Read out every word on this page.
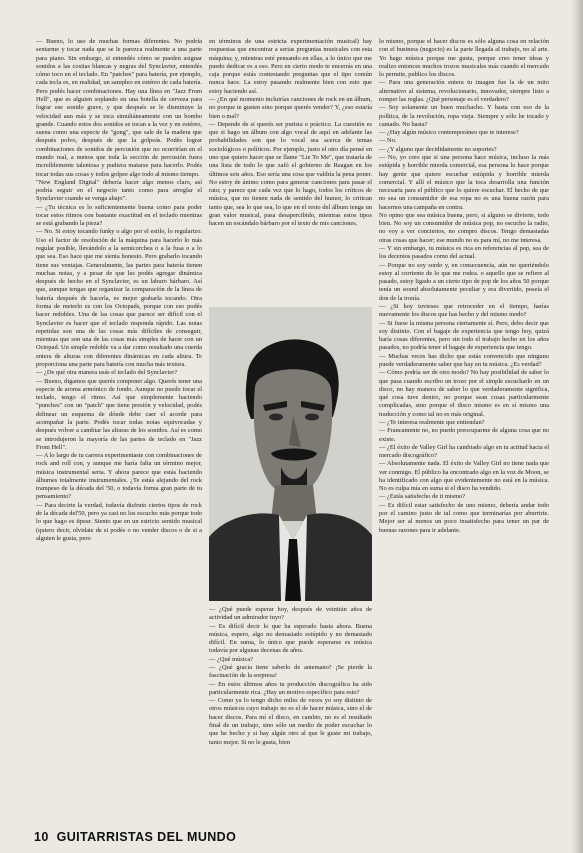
— Bueno, lo uso de muchas formas diferentes. No podría sentarme y tocar nada que se le parezca realmente a una parte para piano. Sin embargo, si entendés cómo se pueden asignar sonidos a las cositas blancas y negras del Synclavier, entendés cómo toco en el teclado. En "patches" para batería, por ejemplo, cada tecla es, en realidad, un sampleo en estéreo de cada batería. Pero podés hacer combinaciones. Hay una línea en "Jazz From Hell", que es alguien soplando en una botella de cerveza para lograr ese sonido grave, y que después se le disminuye la velocidad aun más y se toca simultáneamente con un bombo grande. Cuando estos dos sonidos se tocan a la vez y en estéreo, suena como una especie de "gong", que sale de la madera que después polvo, después de que la golpeás. Podés lograr combinaciones de sonidos de percusión que no ocurrirían en el mundo real, a menos que toda la sección de percusión fuera increíblemente talentosa y pudiera matarse para hacerlo. Podés tocar todas sus cosas y todos golpee algo todo al mismo tiempo.

"New England Digital" debería hacer algo menos claro, así podría seguir en el negocio tanto como para arreglar el Synclavier cuando se venga abajo".

— ¿Tu técnica es lo suficientemente buena como para poder tocar estos ritmos con bastante exactitud en el teclado mientras se está grabando la pieza?

— No. Si estoy tocando funky o algo por el estilo, lo regularizo. Uso el factor de resolución de la máquina para hacerlo lo más regular posible, llevándolo a la semicorchea o a la fusa o a lo que sea. Eso hace que me sienta honesto. Pero grabarlo tocando tiene sus ventajas. Generalmente, las partes para batería tienen muchas notas, y a pesar de que les podés agregar dinámica después de hecho en el Synclavier, es un laburo bárbaro. Así que, aunque tengas que organizar la comparación de la línea de batería después de hacerla, es mejor grabarla tocando. Otra forma de meterlo es con los Octopads, porque con eso podés hacer redobles. Una de las cosas que parece ser difícil con el Synclavier es hacer que el teclado responda rápido. Las notas repetidas son una de las cosas más difíciles de conseguir, mientras que son una de las cosas más simples de hacer con un Octopad. Un simple redoble va a dar como resultado una cuerda entera de alturas con diferentes dinámicas en cada altura. Te proporciona una parte para batería con mucha más textura.

— ¿De qué otra manera usás el teclado del Synclavier?

— Bueno, digamos que querés componer algo. Querés tener una especie de aroma armónico de fondo. Aunque no puedo tocar el teclado, tengo el ritmo. Así que simplemente haciendo "punches" con un "patch" que tiene presión y velocidad, podés delinear un esquema de dónde debe caer el acorde para acompañar la parte. Podés tocar todas notas equivocadas y después volver a cambiar las alturas de los sonidos. Así es como se introdujeron la mayoría de las partes de teclado en "Jazz From Hell".

— A lo largo de tu carrera experimentaste con combinaciones de rock and roll con, y aunque me haría falta un término mejor, música instrumental seria. Y ahora parece que estás haciendo álbumes totalmente instrumentales. ¿Te estás alejando del rock trampeso de la década del '50, o todavía forma gran parte de tu pensamiento?

— Para decirte la verdad, todavía disfruto ciertos tipos de rock de la década del'50, pero ya casi no los escucho más porque todo lo que hago es tipear. Siento que en un estricto sentido musical (quiero decir, olvidate de si podés o no vender discos o de si a alguien le gusta, pero

en términos de una estricta experimentación musical) hay respuestas que encontrar a serias preguntas musicales con esta máquina; y, mientras esté pensando en ellas, a lo único que me puedo dedicar es a eso. Pero en cierto modo te encerrás en una caja porque estás contestando preguntas que el tipo común nunca hace. La estoy pasando realmente bien con esto que estoy haciendo así.

— ¿En qué momento incluirías canciones de rock en un álbum, no porque te gusten sino porque querés vender? Y, ¿eso estaría bien o mal?

— Depende de si querés ser purista o práctico. La cuestión es que si hago un álbum con algo vocal de aquí en adelante las probabilidades son que lo vocal sea acerca de temas sociológicos o políticos. Por ejemplo, justo el otro día pensé en uno que quiero hacer que se llame "Lie To Me", que trataría de una lista de todo lo que zafó el gobierno de Reagan en los últimos seis años. Eso sería una cosa que valdría la pena poner. No estoy de ánimo como para generar canciones para pasar el rato; y parece que cada vez que lo hago, todos los críticos de música, que no tienen nada de sentido del humor, lo critican tanto que, sea lo que sea, lo que en el resto del álbum tenga un gran valor musical, pasa desapercibido, mientras estos tipos hacen un escándalo bárbaro por el texto de mis canciones.

— ¿Qué puede esperar hoy, después de veintiún años de actividad un admirador tuyo?

— Es difícil decir lo que ha esperado hasta ahora. Buena música, espero, algo no demasiado estúpido y no demasiado difícil. En suma, lo único que puede esperarse es música todavía por algunas decenas de años.

— ¿Qué música?

— ¿Qué gracia tiene saberlo de antemano? ¡Se pierde la fascinación de la sorpresa!

— En estos últimos años tu producción discográfica ha sido particularmente rica. ¿Hay un motivo específico para esto?

— Como ya lo tengo dicho miles de veces yo soy distinto de otros músicos cuyo trabajo no es el de hacer música, sino el de hacer discos. Para mí el disco, en cambio, no es el resultado final de un trabajo, sino sólo un medio de poder escuchar lo que he hecho y si hay algún otro al que le guste mi trabajo, tanto mejor. Si no le gusta, bien

lo mismo, porque el hacer discos es sólo alguna cosa en relación con el business (negocio) es la parte llegada al trabajo, no al arte. Yo hago música porque me gusta, porque creo tener ideas y realizo entonces muchos trozos musicales más cuando el mercado lo permite, publico los discos.

— Para una generación entera tu imagen fue la de un mito alternativo al sistema, revolucionario, innovador, siempre listo a romper las reglas. ¿Qué personaje es el verdadero?

— Soy solamente un buen muchacho. Y basta con eso de la política, de la revolución, ropa vieja. Siempre y sólo he tocado y cantado. No basta?

— ¿Hay algún músico contemporáneo que te interese?

— No.

— ¿Y alguno que decididamente no soportes?

— No, yo creo que si una persona hace música, incluso la más estúpida y horrible mierda comercial, esa persona lo hace porque hay gente que quiere escuchar estúpida y horrible mierda comercial. Y allí el músico que la toca desarrolla una función necesaria para el público que lo quiere escuchar. El hecho de que no sea un consumidor de esa ropa no es una buena razón para hacernos una campaña en contra.

No opino que sea música buena, pero, si alguno se divierte, todo bien. No soy un consumidor de música pop, no escucho la radio, no voy a ver conciertos, no compro discos. Tengo demasiadas otras cosas que hacer; ese mundo no es para mí, no me interesa.

— Y sin embargo, tu música es rica en referencias al pop, sea de los decenios pasados como del actual.

— Porque no soy sordo y, en consecuencia, aún no queriéndolo estoy al corriente de lo que me rodea. o aquello que se refiere al pasado, estoy ligado a un cierto tipo de pop de los años 50 porque tenía un sound absolutamente peculiar y era divertido, poseía el don de la ironía.

— ¿Si hoy tuvieses que retroceder en el tiempo, harías nuevamente los discos que has hecho y del mismo modo?

— Si fuese la misma persona ciertamente sí. Pero, debo decir que soy distinto. Con el bagaje de experiencia que tengo hoy, quizá haría cosas diferentes, pero sin todo el trabajo hecho en los años pasados, no podría tener el bagaje de experiencia que tengo.

— Muchas veces has dicho que estás convencido que ninguno puede verdaderamente saber que hay en tu música. ¿Es verdad?

— Cómo podría ser de otro modo? No hay posibilidad de saber lo que pasa cuando escribo un trozo por el simple escucharlo en un disco, no hay manera de saber lo que verdaderamente significa, qué cosa tuve dentro, no porque sean cosas particularmente complicadas, sino porque el disco mismo es en sí mismo una traducción y como tal no es más original.

— ¿Te interesa realmente que entiendan?

— Francamente no, no puedo preocuparme de alguna cosa que no existe.

— ¿El éxito de Valley Girl ha cambiado algo en tu actitud hacia el mercado discográfico?

— Absolutamente nada. El éxito de Valley Girl no tiene nada que ver conmigo. El público ha encontrado algo en la voz de Moon, se ha identificado con algo que evidentemente no está en la música. No es culpa mía en suma si el disco ha vendido.

— ¿Estás satisfecho de ti mismo?

— Es difícil estar satisfecho de uno mismo, debería andar todo por el camino justo de tal como que terminarías por aburrirte. Mejor ser al menos un poco insatisfecho para tener un par de buenas razones para ir adelante.

10 GUITARRISTAS DEL MUNDO
